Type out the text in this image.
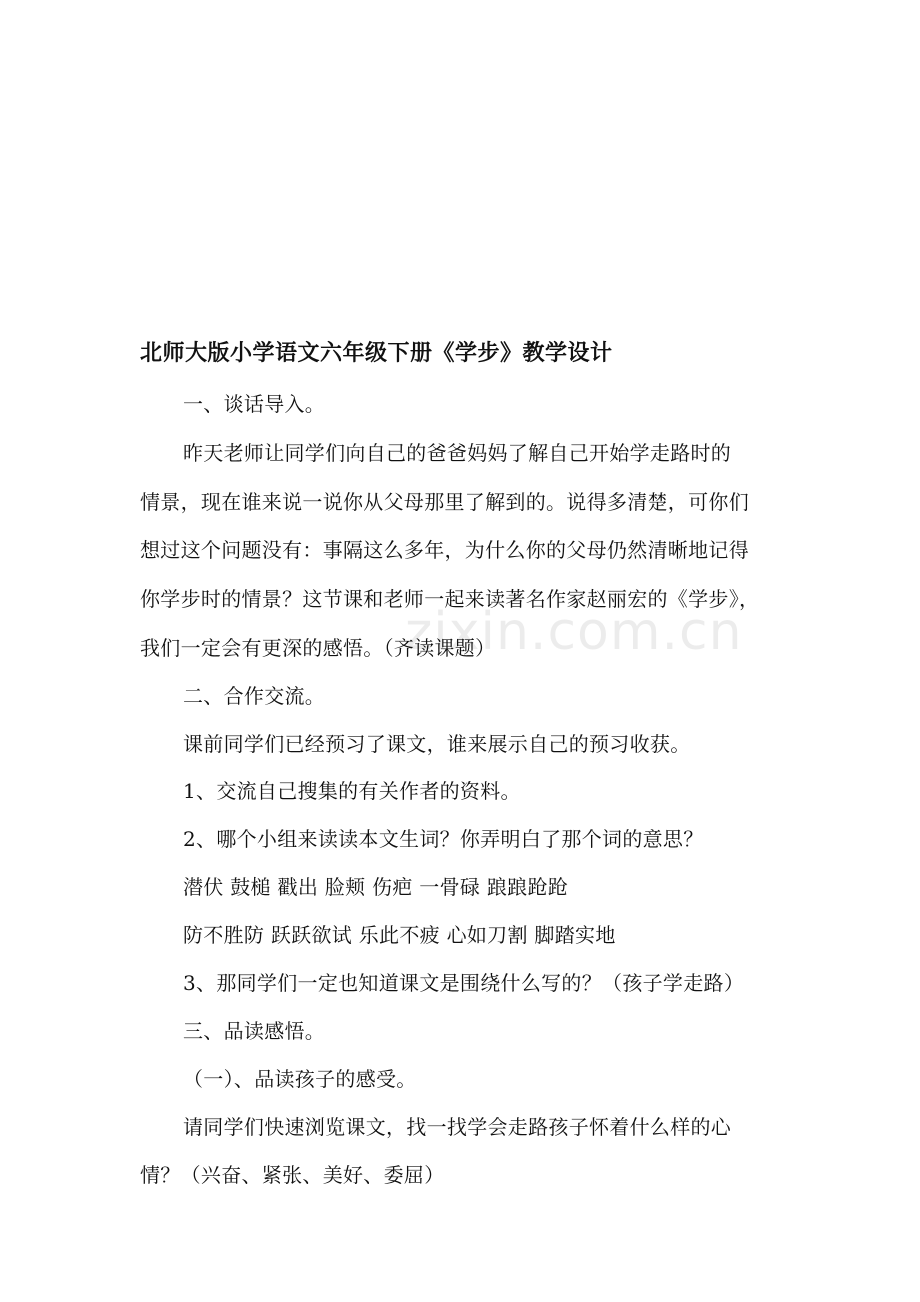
zixin.com.cn
北师大版小学语文六年级下册《学步》教学设计
一、谈话导入。
昨天老师让同学们向自己的爸爸妈妈了解自己开始学走路时的
情景，现在谁来说一说你从父母那里了解到的。说得多清楚，可你们
想过这个问题没有：事隔这么多年，为什么你的父母仍然清晰地记得
你学步时的情景？这节课和老师一起来读著名作家赵丽宏的《学步》，
我们一定会有更深的感悟。（齐读课题）
二、合作交流。
课前同学们已经预习了课文，谁来展示自己的预习收获。
1、交流自己搜集的有关作者的资料。
2、哪个小组来读读本文生词？你弄明白了那个词的意思？
潜伏 鼓槌 戳出 脸颊 伤疤 一骨碌 踉踉跄跄
防不胜防 跃跃欲试 乐此不疲 心如刀割 脚踏实地
3、那同学们一定也知道课文是围绕什么写的？（孩子学走路）
三、品读感悟。
（一）、品读孩子的感受。
请同学们快速浏览课文，找一找学会走路孩子怀着什么样的心
情？（兴奋、紧张、美好、委屈）
